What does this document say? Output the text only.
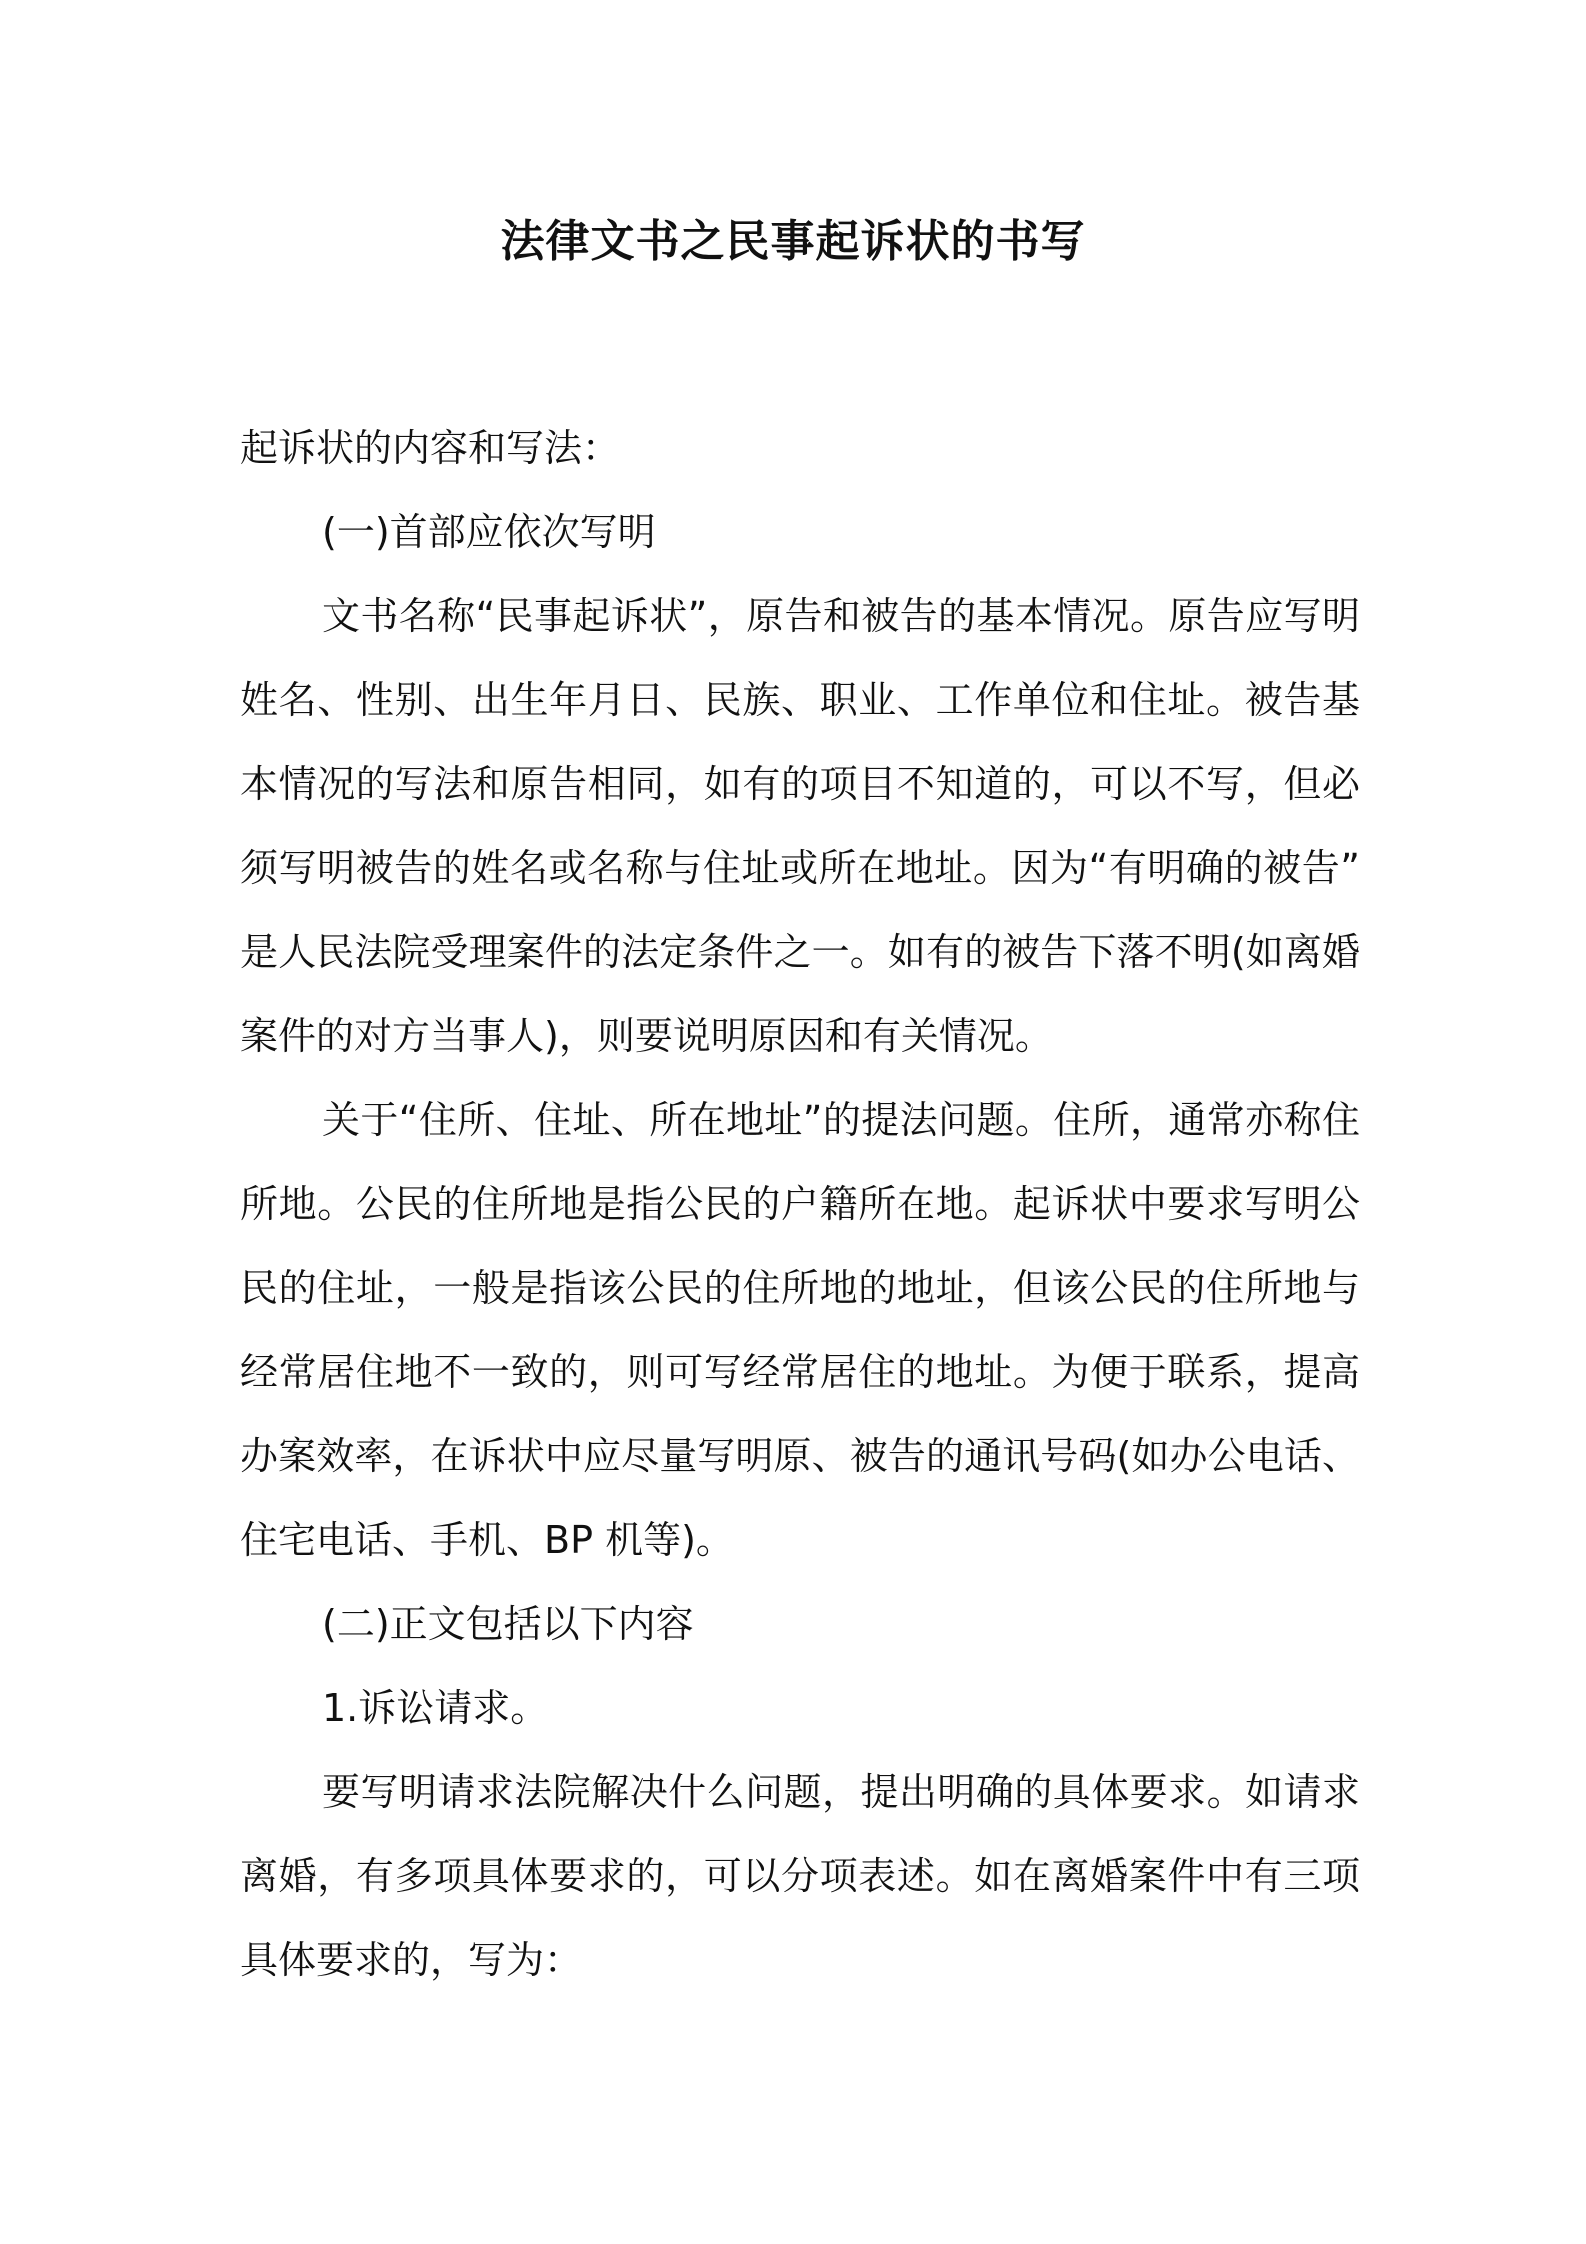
法律文书之民事起诉状的书写

起诉状的内容和写法：

(一)首部应依次写明

文书名称“民事起诉状”，原告和被告的基本情况。原告应写明姓名、性别、出生年月日、民族、职业、工作单位和住址。被告基本情况的写法和原告相同，如有的项目不知道的，可以不写，但必须写明被告的姓名或名称与住址或所在地址。因为“有明确的被告”是人民法院受理案件的法定条件之一。如有的被告下落不明(如离婚案件的对方当事人)，则要说明原因和有关情况。

关于“住所、住址、所在地址”的提法问题。住所，通常亦称住所地。公民的住所地是指公民的户籍所在地。起诉状中要求写明公民的住址，一般是指该公民的住所地的地址，但该公民的住所地与经常居住地不一致的，则可写经常居住的地址。为便于联系，提高办案效率，在诉状中应尽量写明原、被告的通讯号码(如办公电话、住宅电话、手机、BP 机等)。

(二)正文包括以下内容

1.诉讼请求。

要写明请求法院解决什么问题，提出明确的具体要求。如请求离婚，有多项具体要求的，可以分项表述。如在离婚案件中有三项具体要求的，写为：
